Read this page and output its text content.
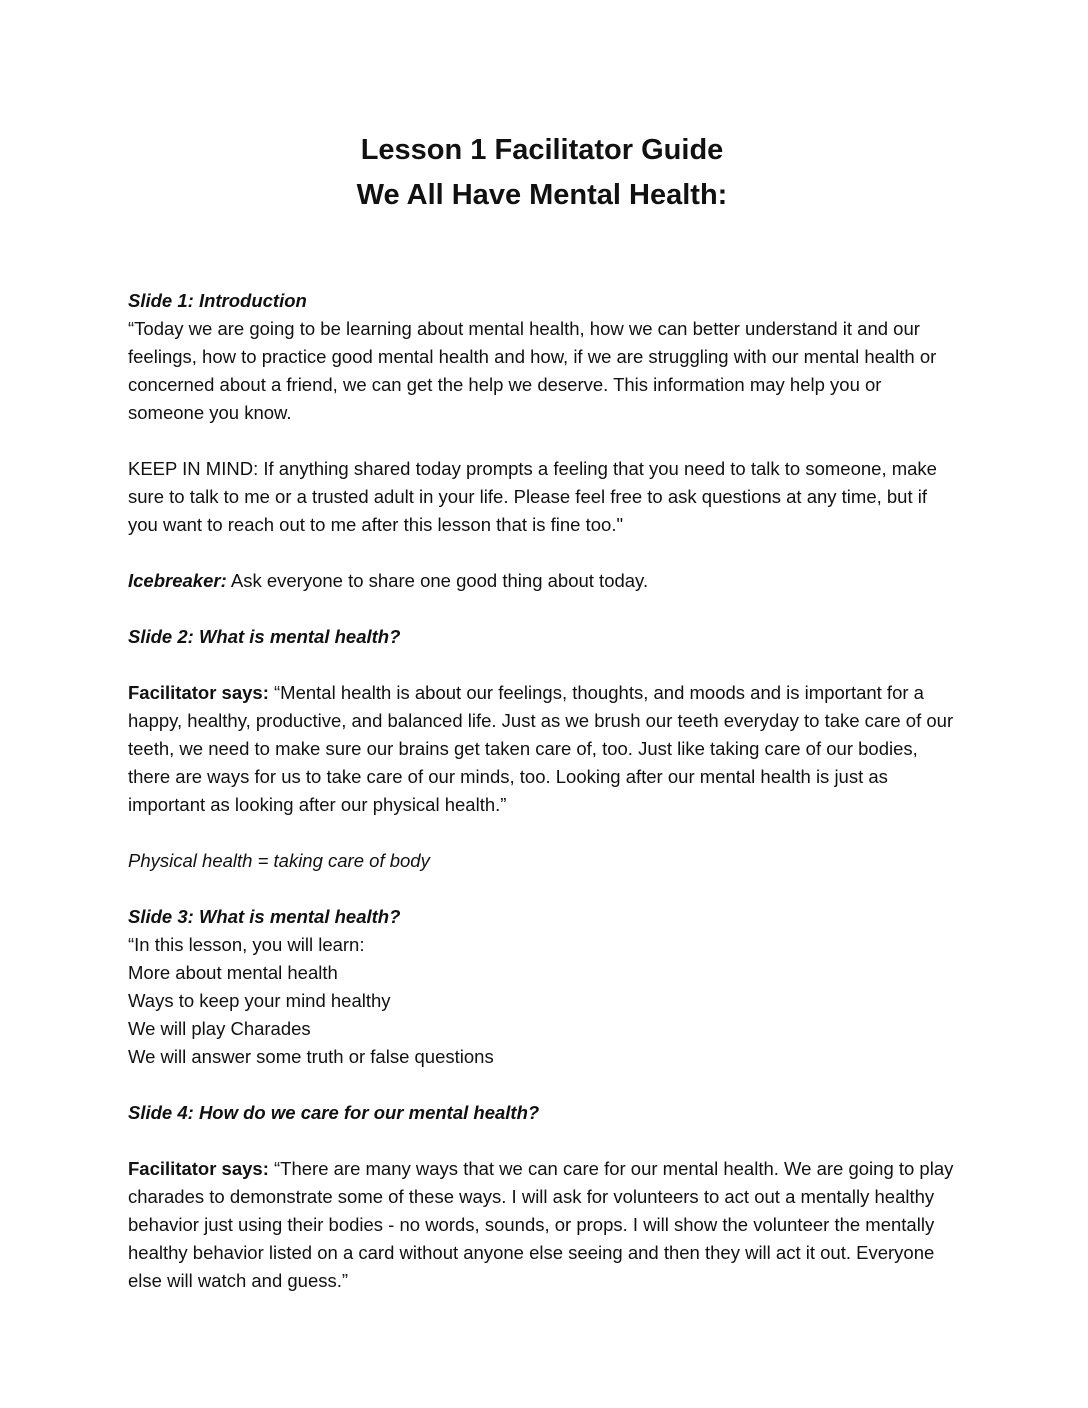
Lesson 1 Facilitator Guide
We All Have Mental Health:

Slide 1: Introduction

“Today we are going to be learning about mental health, how we can better understand it and our

feelings, how to practice good mental health and how, if we are struggling with our mental health or

concerned about a friend, we can get the help we deserve. This information may help you or

someone you know.

KEEP IN MIND: If anything shared today prompts a feeling that you need to talk to someone, make

sure to talk to me or a trusted adult in your life. Please feel free to ask questions at any time, but if

you want to reach out to me after this lesson that is fine too."

Icebreaker: Ask everyone to share one good thing about today.

Slide 2: What is mental health?

Facilitator says: “Mental health is about our feelings, thoughts, and moods and is important for a

happy, healthy, productive, and balanced life. Just as we brush our teeth everyday to take care of our

teeth, we need to make sure our brains get taken care of, too. Just like taking care of our bodies,

there are ways for us to take care of our minds, too. Looking after our mental health is just as

important as looking after our physical health.”

Physical health = taking care of body

Slide 3: What is mental health?

“In this lesson, you will learn:

More about mental health

Ways to keep your mind healthy

We will play Charades

We will answer some truth or false questions

Slide 4: How do we care for our mental health?

Facilitator says: “There are many ways that we can care for our mental health. We are going to play

charades to demonstrate some of these ways. I will ask for volunteers to act out a mentally healthy

behavior just using their bodies - no words, sounds, or props. I will show the volunteer the mentally

healthy behavior listed on a card without anyone else seeing and then they will act it out. Everyone

else will watch and guess.”
